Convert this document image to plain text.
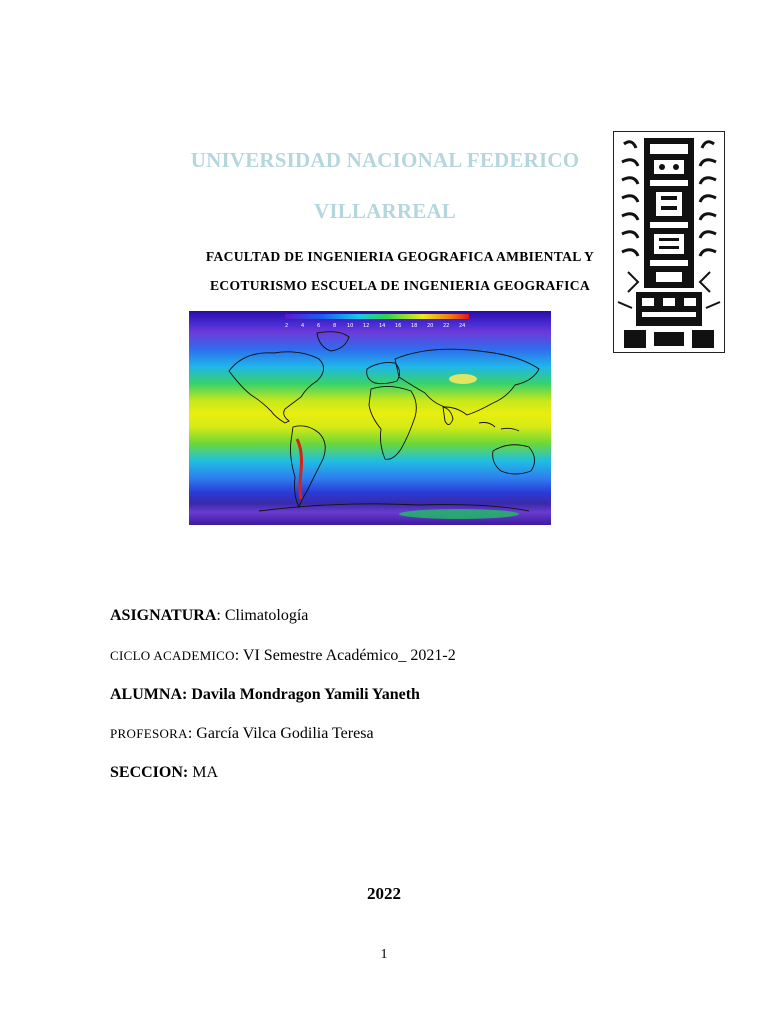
UNIVERSIDAD NACIONAL FEDERICO

VILLARREAL

FACULTAD DE INGENIERIA GEOGRAFICA AMBIENTAL Y

ECOTURISMO ESCUELA DE INGENIERIA GEOGRAFICA

2	4	6	8 10 12 14 16 18 20 22 24

ASIGNATURA: Climatología

CICLO ACADEMICO: VI Semestre Académico_ 2021-2

ALUMNA: Davila Mondragon Yamili Yaneth

PROFESORA: García Vilca Godilia Teresa

SECCION: MA

2022

1
